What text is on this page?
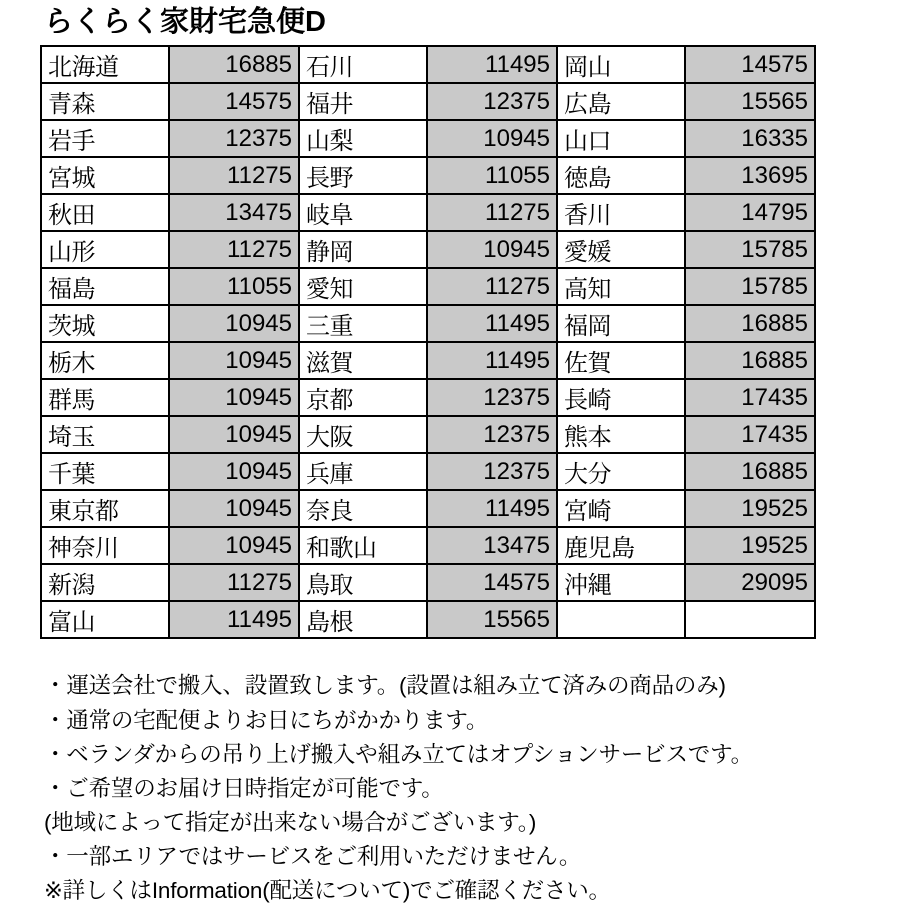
らくらく家財宅急便D
北海道	16885	石川	11495	岡山	14575
青森	14575	福井	12375	広島	15565
岩手	12375	山梨	10945	山口	16335
宮城	11275	長野	11055	徳島	13695
秋田	13475	岐阜	11275	香川	14795
山形	11275	静岡	10945	愛媛	15785
福島	11055	愛知	11275	高知	15785
茨城	10945	三重	11495	福岡	16885
栃木	10945	滋賀	11495	佐賀	16885
群馬	10945	京都	12375	長崎	17435
埼玉	10945	大阪	12375	熊本	17435
千葉	10945	兵庫	12375	大分	16885
東京都	10945	奈良	11495	宮崎	19525
神奈川	10945	和歌山	13475	鹿児島	19525
新潟	11275	鳥取	14575	沖縄	29095
富山	11495	島根	15565		
・運送会社で搬入、設置致します。(設置は組み立て済みの商品のみ)
・通常の宅配便よりお日にちがかかります。
・ベランダからの吊り上げ搬入や組み立てはオプションサービスです。
・ご希望のお届け日時指定が可能です。
(地域によって指定が出来ない場合がございます。)
・一部エリアではサービスをご利用いただけません。
※詳しくはInformation(配送について)でご確認ください。
